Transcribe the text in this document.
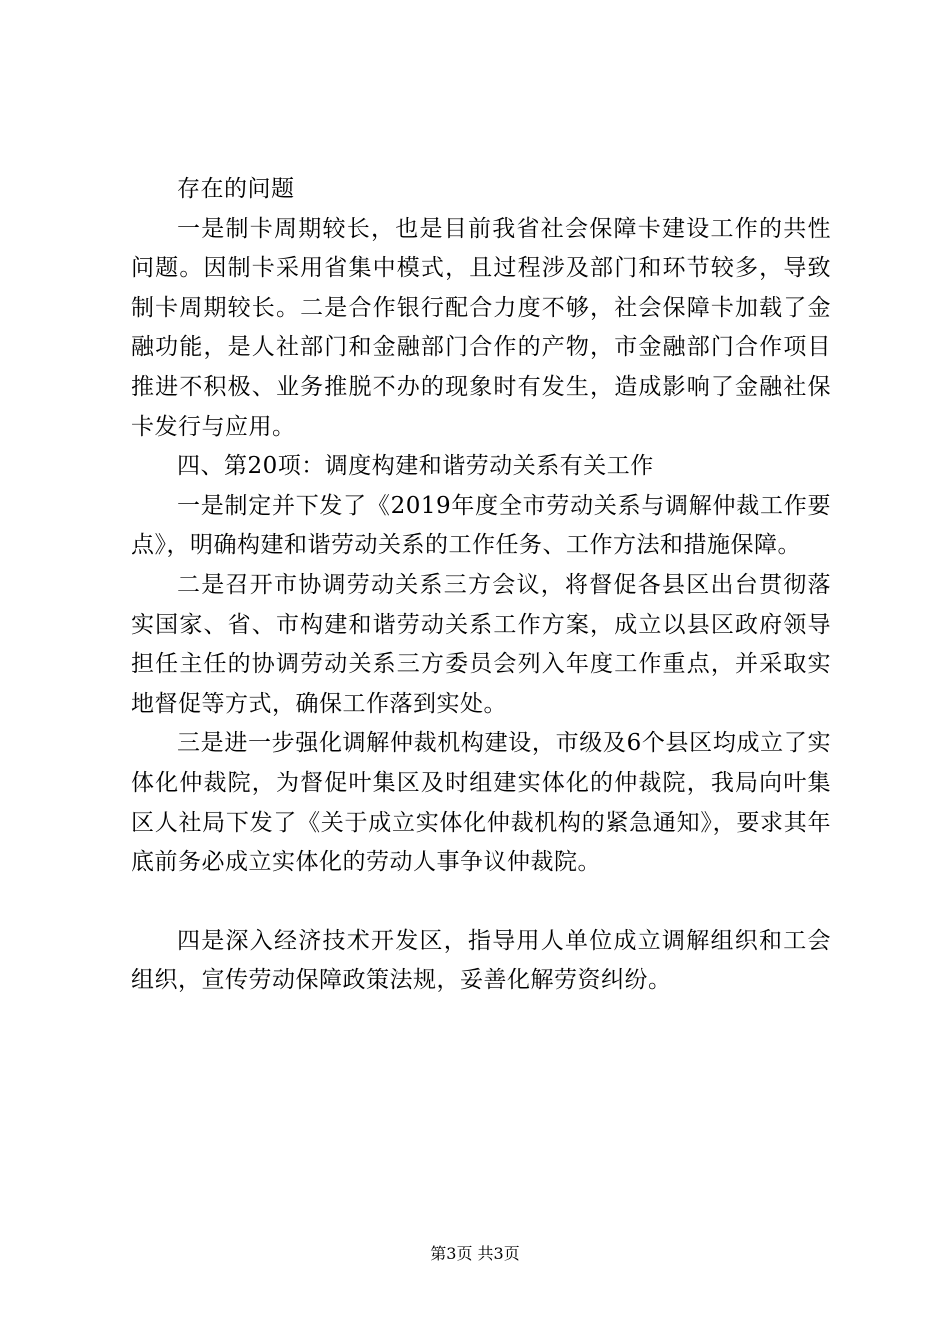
存在的问题

一是制卡周期较长，也是目前我省社会保障卡建设工作的共性问题。因制卡采用省集中模式，且过程涉及部门和环节较多，导致制卡周期较长。二是合作银行配合力度不够，社会保障卡加载了金融功能，是人社部门和金融部门合作的产物，市金融部门合作项目推进不积极、业务推脱不办的现象时有发生，造成影响了金融社保卡发行与应用。

四、第20项：调度构建和谐劳动关系有关工作

一是制定并下发了《2019年度全市劳动关系与调解仲裁工作要点》，明确构建和谐劳动关系的工作任务、工作方法和措施保障。

二是召开市协调劳动关系三方会议，将督促各县区出台贯彻落实国家、省、市构建和谐劳动关系工作方案，成立以县区政府领导担任主任的协调劳动关系三方委员会列入年度工作重点，并采取实地督促等方式，确保工作落到实处。

三是进一步强化调解仲裁机构建设，市级及6个县区均成立了实体化仲裁院，为督促叶集区及时组建实体化的仲裁院，我局向叶集区人社局下发了《关于成立实体化仲裁机构的紧急通知》，要求其年底前务必成立实体化的劳动人事争议仲裁院。

四是深入经济技术开发区，指导用人单位成立调解组织和工会组织，宣传劳动保障政策法规，妥善化解劳资纠纷。

第3页 共3页
